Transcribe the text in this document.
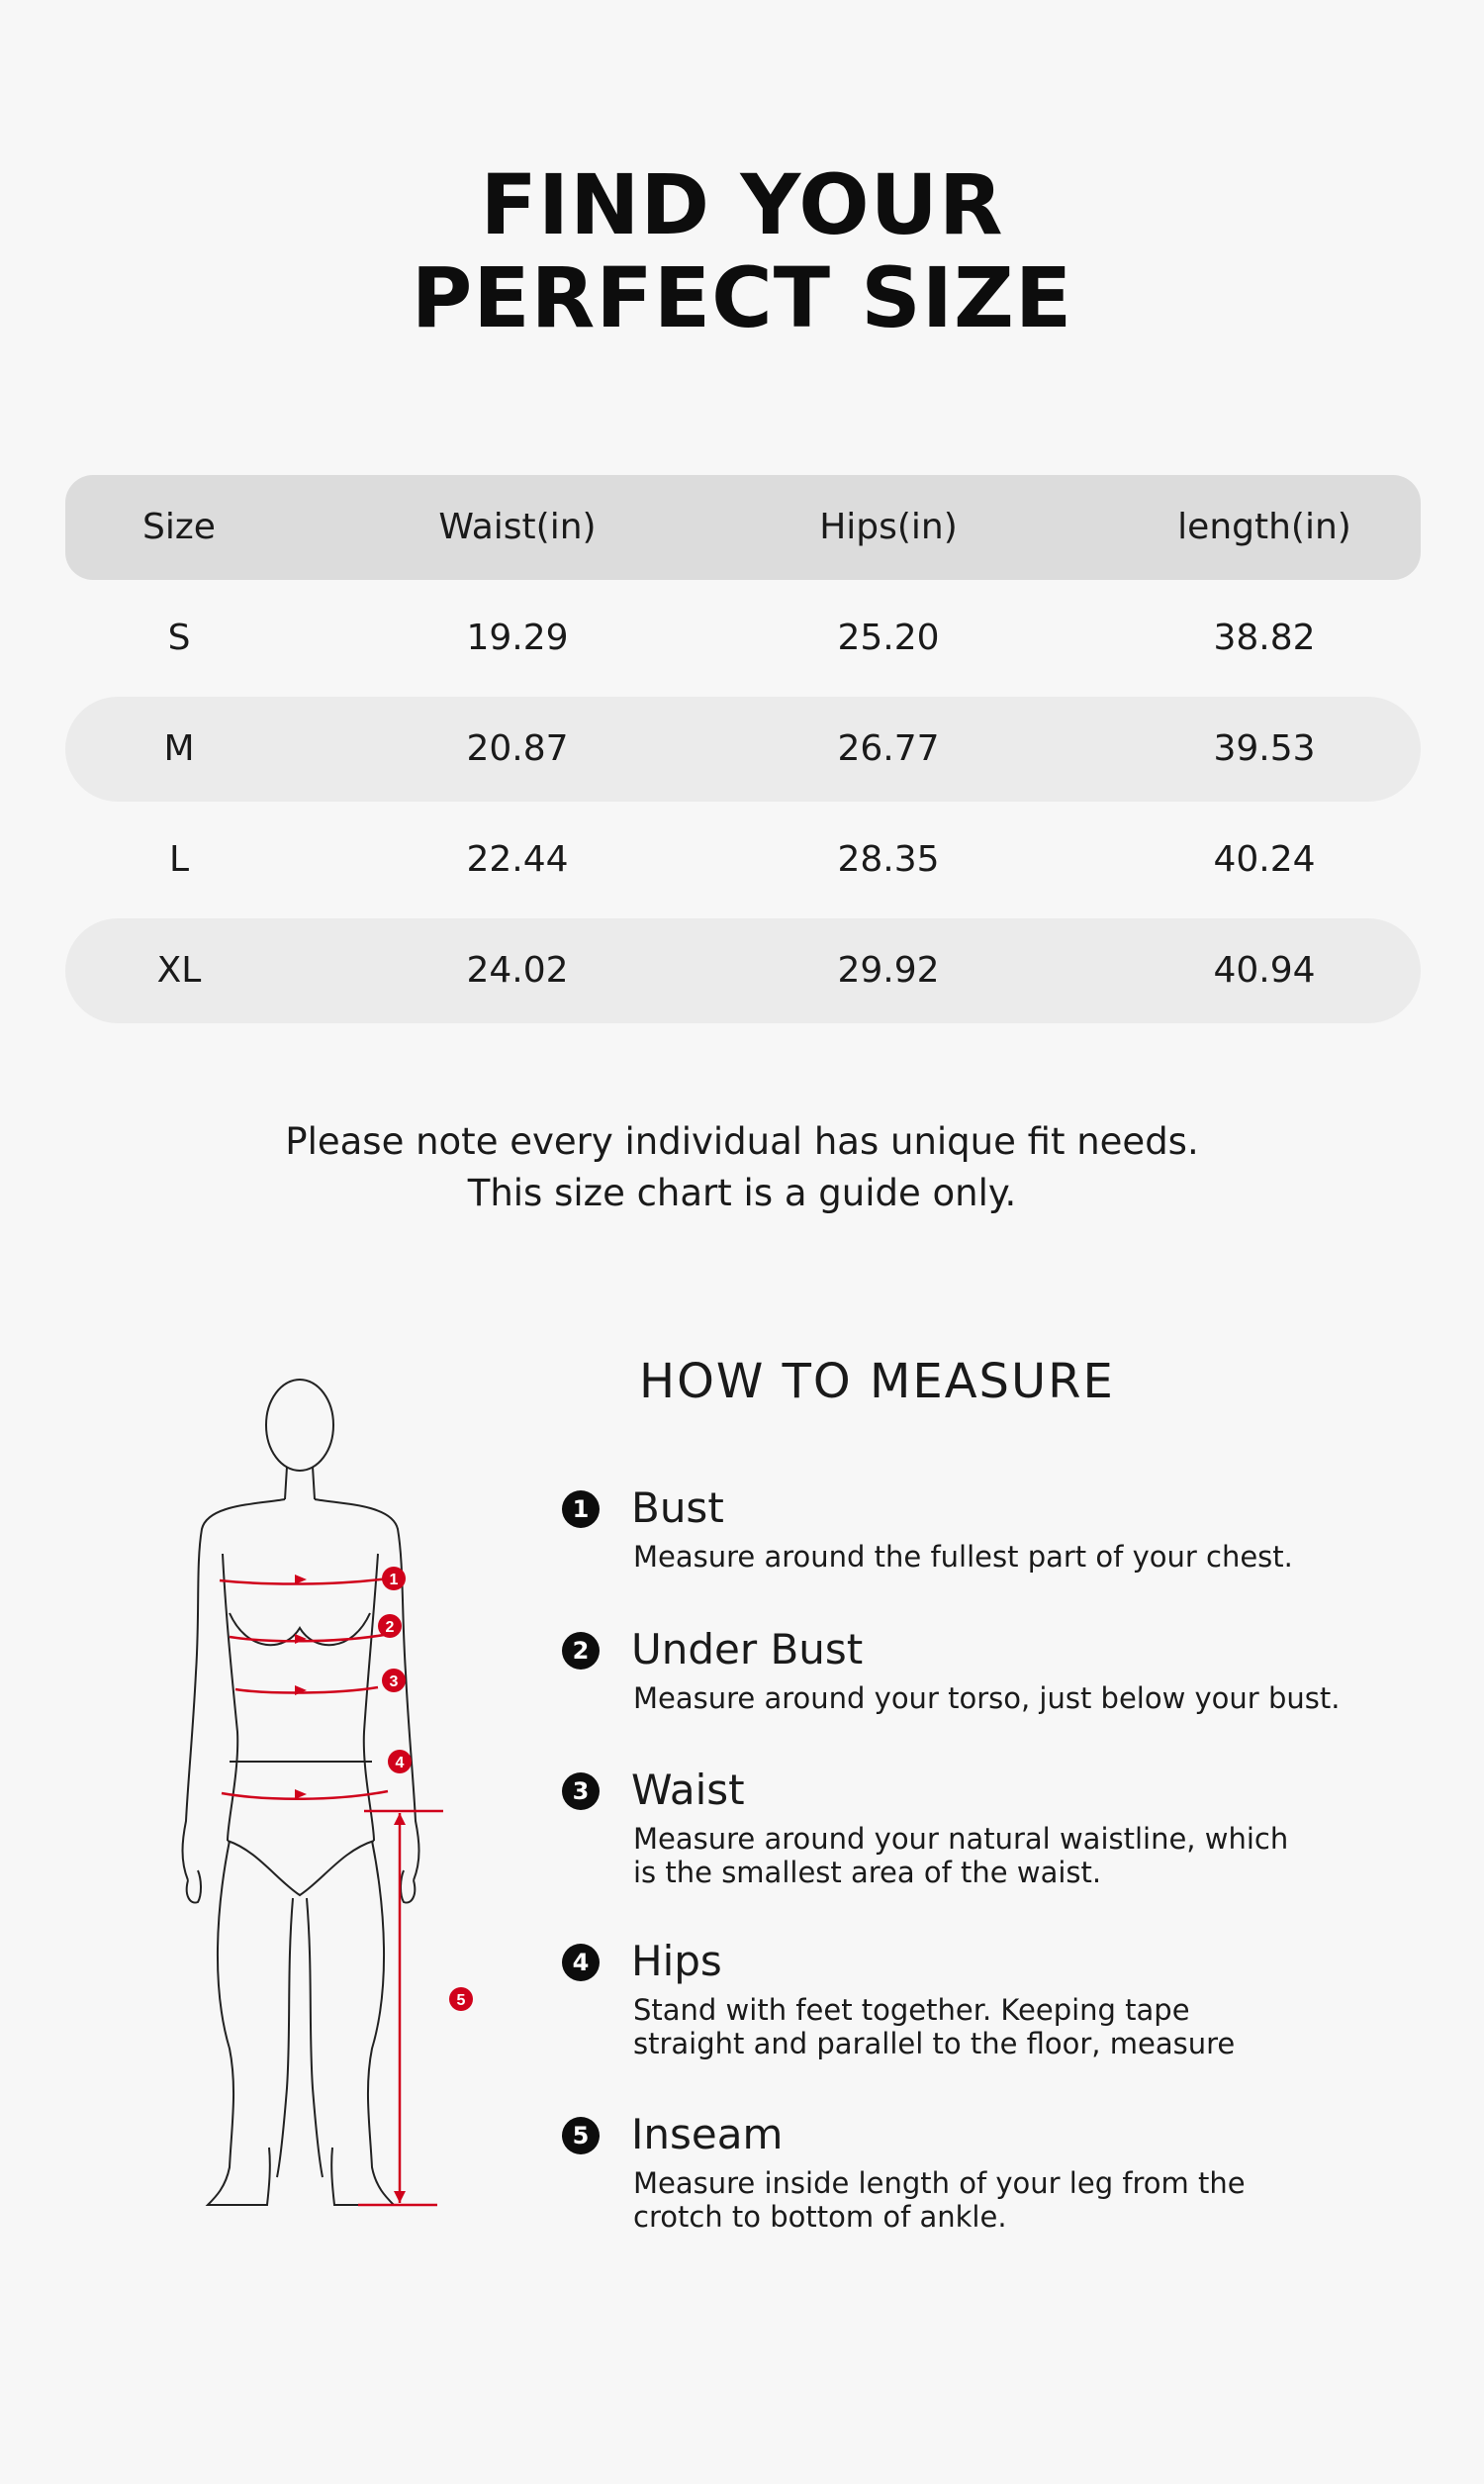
FIND YOUR
PERFECT SIZE
Size	Waist(in)	Hips(in)	length(in)
S	19.29	25.20	38.82
M	20.87	26.77	39.53
L	22.44	28.35	40.24
XL	24.02	29.92	40.94
Please note every individual has unique fit needs.
This size chart is a guide only.
1
2
3
4
5
HOW TO MEASURE
1 Bust
Measure around the fullest part of your chest.
2 Under Bust
Measure around your torso, just below your bust.
3 Waist
Measure around your natural waistline, which
is the smallest area of the waist.
4 Hips
Stand with feet together. Keeping tape
straight and parallel to the floor, measure
5 Inseam
Measure inside length of your leg from the
crotch to bottom of ankle.
